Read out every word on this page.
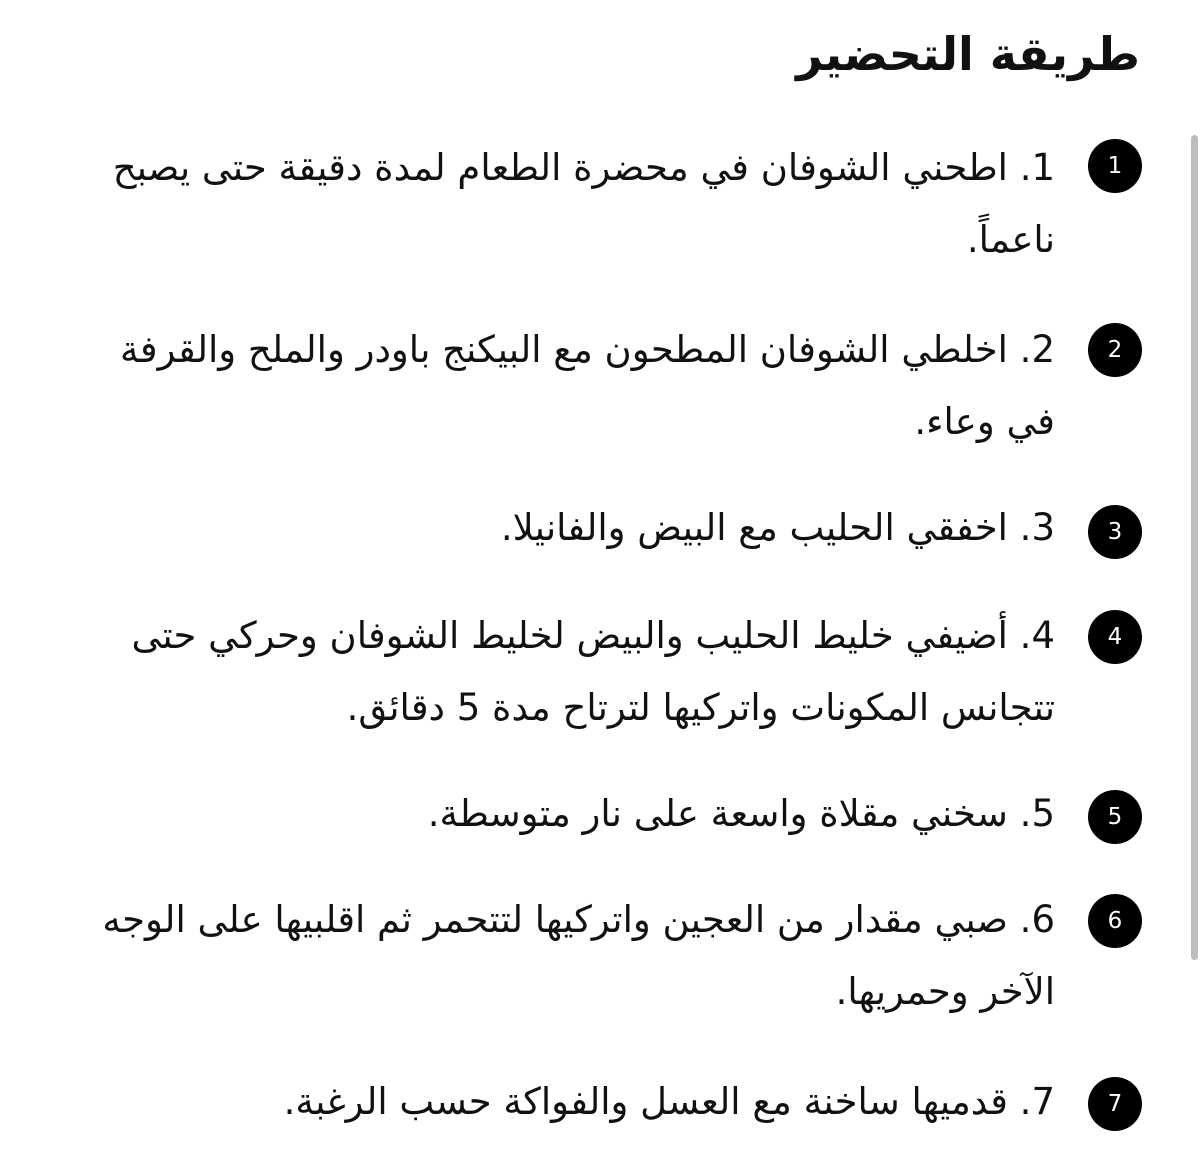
طريقة التحضير
1

1. اطحني الشوفان في محضرة الطعام لمدة دقيقة حتى يصبح ناعماً.

2

2. اخلطي الشوفان المطحون مع البيكنج باودر والملح والقرفة في وعاء.

3

3. اخفقي الحليب مع البيض والفانيلا.

4

4. أضيفي خليط الحليب والبيض لخليط الشوفان وحركي حتى تتجانس المكونات واتركيها لترتاح مدة 5 دقائق.

5

5. سخني مقلاة واسعة على نار متوسطة.

6

6. صبي مقدار من العجين واتركيها لتتحمر ثم اقلبيها على الوجه الآخر وحمريها.

7

7. قدميها ساخنة مع العسل والفواكة حسب الرغبة.
